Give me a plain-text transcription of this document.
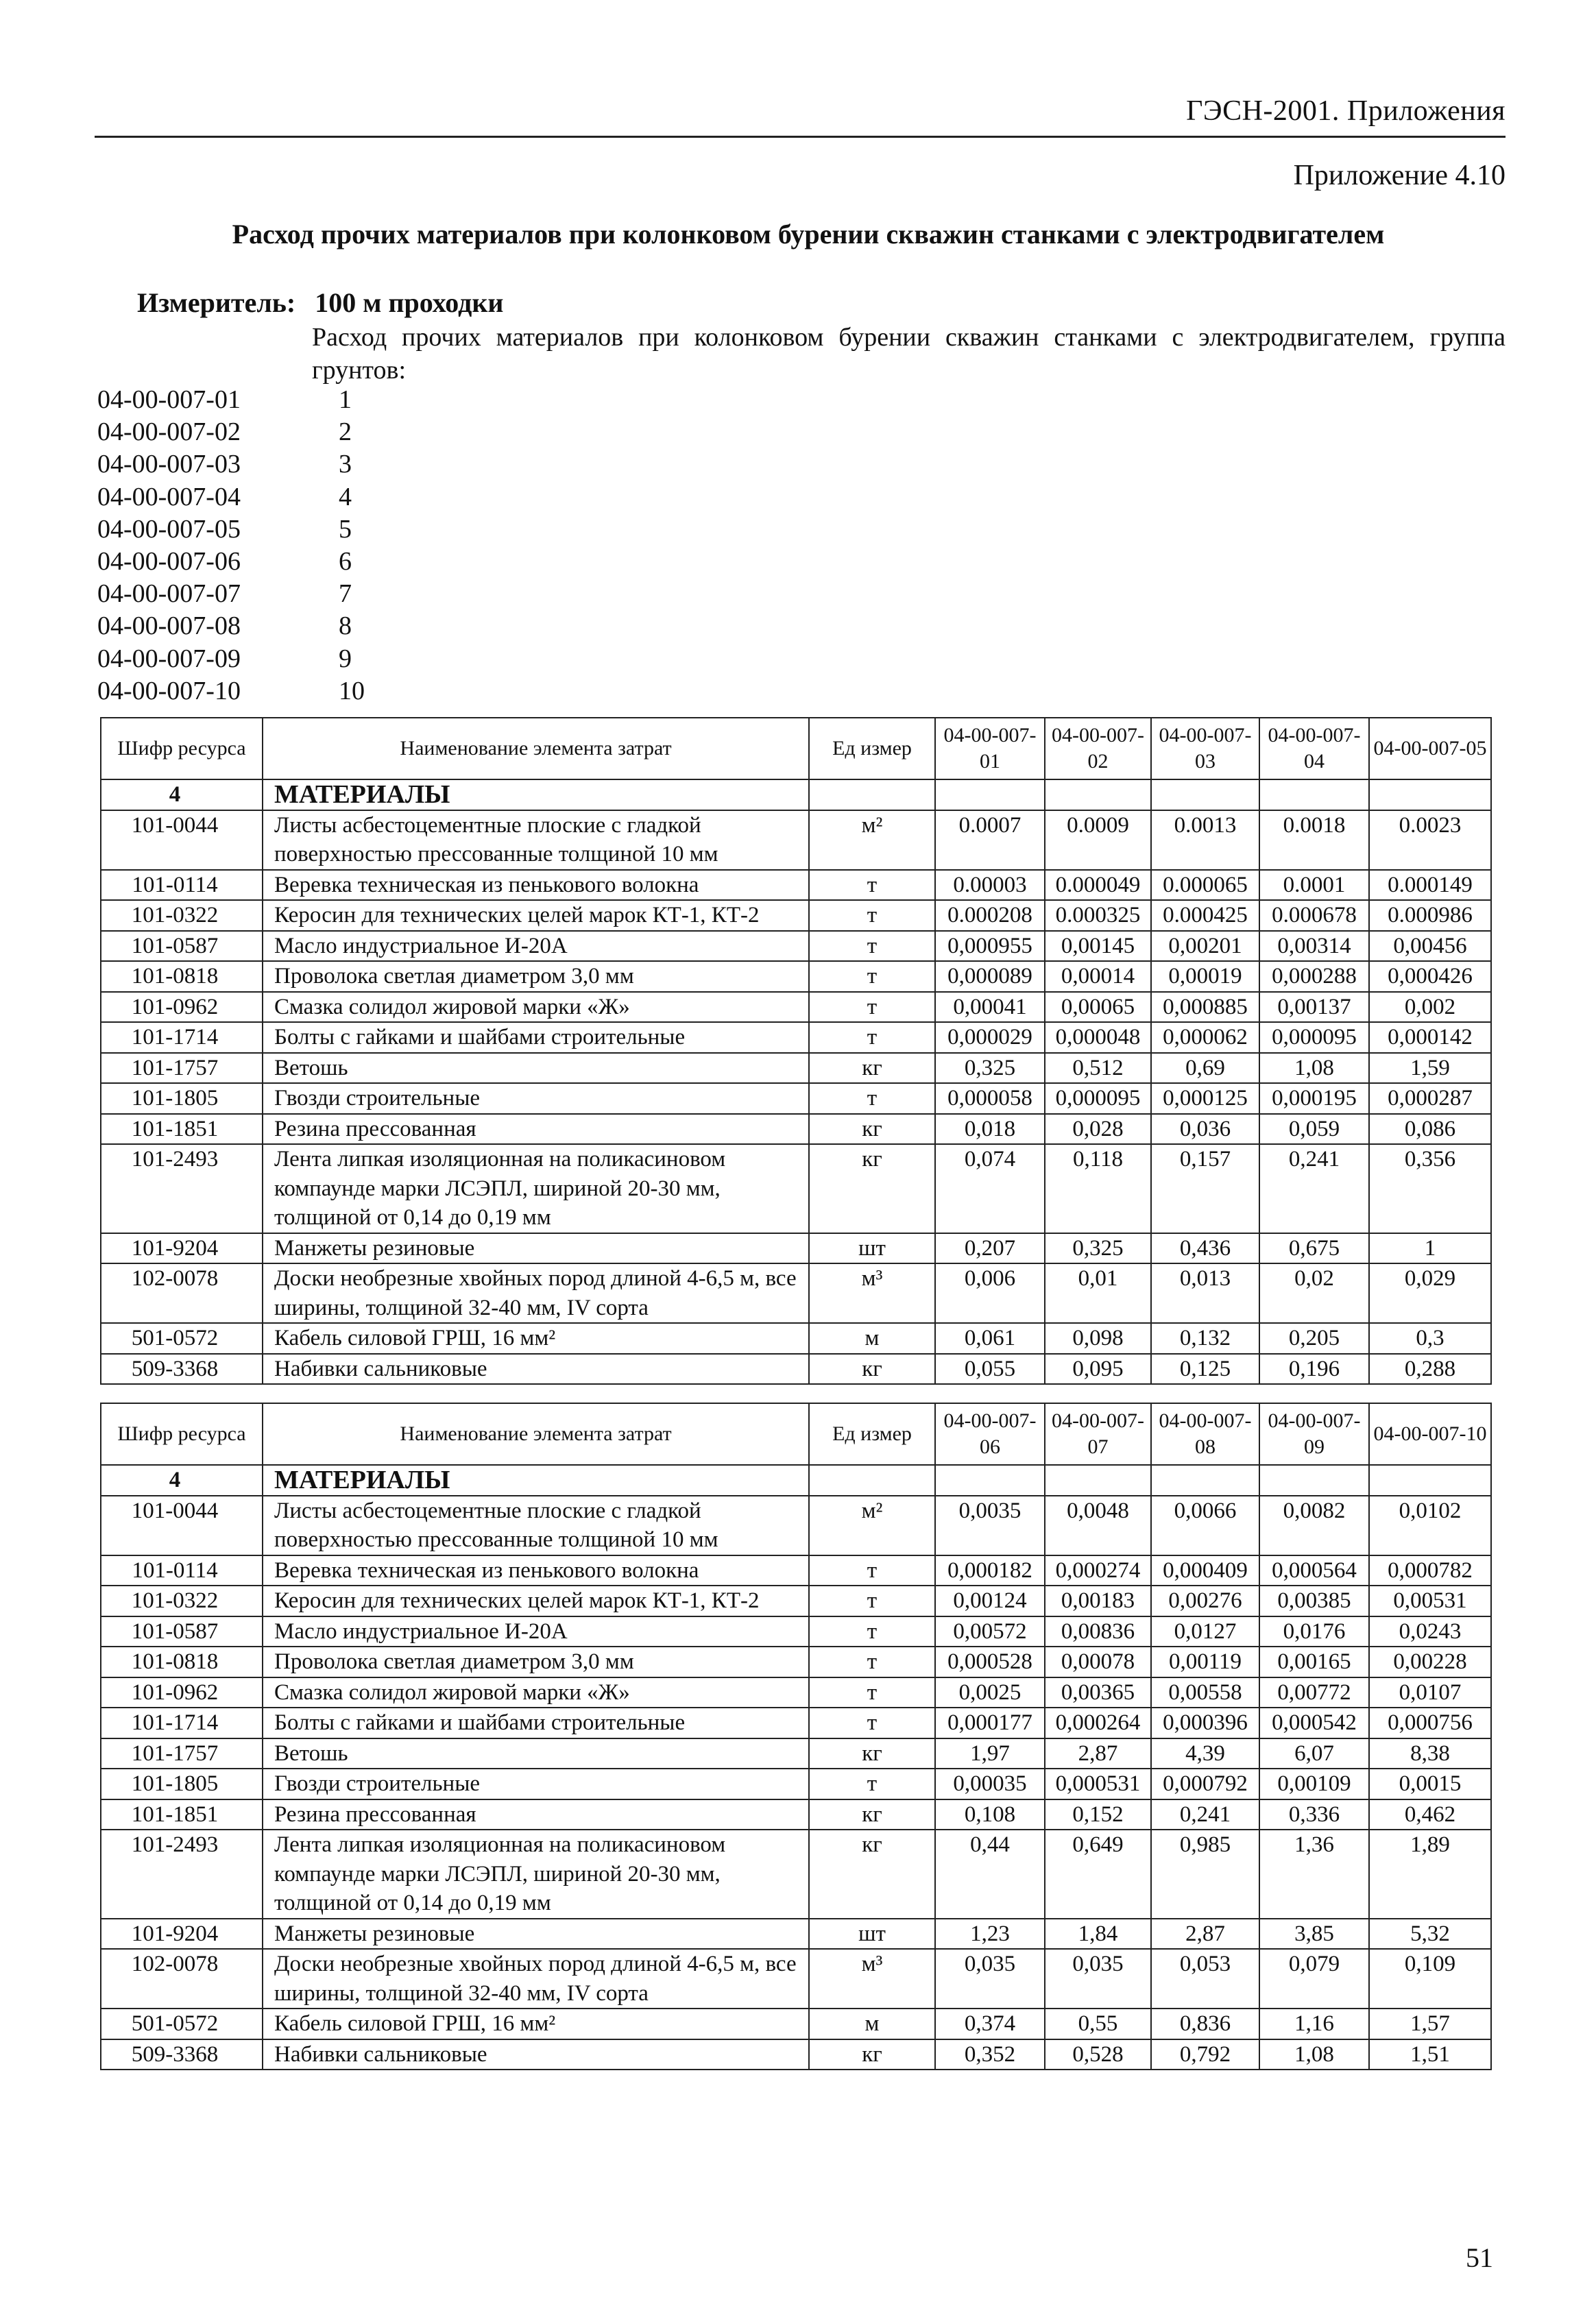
ГЭСН-2001. Приложения
Приложение 4.10
Расход прочих материалов при колонковом бурении скважин станками с электродвигателем
Измеритель: 100 м проходки
Расход прочих материалов при колонковом бурении скважин станками с электродвигателем, группа грунтов:
04-00-007-01	1
04-00-007-02	2
04-00-007-03	3
04-00-007-04	4
04-00-007-05	5
04-00-007-06	6
04-00-007-07	7
04-00-007-08	8
04-00-007-09	9
04-00-007-10	10
Шифр ресурса	Наименование элемента затрат	Ед измер	04-00-007-01	04-00-007-02	04-00-007-03	04-00-007-04	04-00-007-05
4	МАТЕРИАЛЫ						
101-0044	Листы асбестоцементные плоские с гладкой поверхностью прессованные толщиной 10 мм	м²	0.0007	0.0009	0.0013	0.0018	0.0023
101-0114	Веревка техническая из пенькового волокна	т	0.00003	0.000049	0.000065	0.0001	0.000149
101-0322	Керосин для технических целей марок КТ-1, КТ-2	т	0.000208	0.000325	0.000425	0.000678	0.000986
101-0587	Масло индустриальное И-20А	т	0,000955	0,00145	0,00201	0,00314	0,00456
101-0818	Проволока светлая диаметром 3,0 мм	т	0,000089	0,00014	0,00019	0,000288	0,000426
101-0962	Смазка солидол жировой марки «Ж»	т	0,00041	0,00065	0,000885	0,00137	0,002
101-1714	Болты с гайками и шайбами строительные	т	0,000029	0,000048	0,000062	0,000095	0,000142
101-1757	Ветошь	кг	0,325	0,512	0,69	1,08	1,59
101-1805	Гвозди строительные	т	0,000058	0,000095	0,000125	0,000195	0,000287
101-1851	Резина прессованная	кг	0,018	0,028	0,036	0,059	0,086
101-2493	Лента липкая изоляционная на поликасиновом компаунде марки ЛСЭПЛ, шириной 20-30 мм, толщиной от 0,14 до 0,19 мм	кг	0,074	0,118	0,157	0,241	0,356
101-9204	Манжеты резиновые	шт	0,207	0,325	0,436	0,675	1
102-0078	Доски необрезные хвойных пород длиной 4-6,5 м, все ширины, толщиной 32-40 мм, IV сорта	м³	0,006	0,01	0,013	0,02	0,029
501-0572	Кабель силовой ГРШ, 16 мм²	м	0,061	0,098	0,132	0,205	0,3
509-3368	Набивки сальниковые	кг	0,055	0,095	0,125	0,196	0,288
Шифр ресурса	Наименование элемента затрат	Ед измер	04-00-007-06	04-00-007-07	04-00-007-08	04-00-007-09	04-00-007-10
4	МАТЕРИАЛЫ						
101-0044	Листы асбестоцементные плоские с гладкой поверхностью прессованные толщиной 10 мм	м²	0,0035	0,0048	0,0066	0,0082	0,0102
101-0114	Веревка техническая из пенькового волокна	т	0,000182	0,000274	0,000409	0,000564	0,000782
101-0322	Керосин для технических целей марок КТ-1, КТ-2	т	0,00124	0,00183	0,00276	0,00385	0,00531
101-0587	Масло индустриальное И-20А	т	0,00572	0,00836	0,0127	0,0176	0,0243
101-0818	Проволока светлая диаметром 3,0 мм	т	0,000528	0,00078	0,00119	0,00165	0,00228
101-0962	Смазка солидол жировой марки «Ж»	т	0,0025	0,00365	0,00558	0,00772	0,0107
101-1714	Болты с гайками и шайбами строительные	т	0,000177	0,000264	0,000396	0,000542	0,000756
101-1757	Ветошь	кг	1,97	2,87	4,39	6,07	8,38
101-1805	Гвозди строительные	т	0,00035	0,000531	0,000792	0,00109	0,0015
101-1851	Резина прессованная	кг	0,108	0,152	0,241	0,336	0,462
101-2493	Лента липкая изоляционная на поликасиновом компаунде марки ЛСЭПЛ, шириной 20-30 мм, толщиной от 0,14 до 0,19 мм	кг	0,44	0,649	0,985	1,36	1,89
101-9204	Манжеты резиновые	шт	1,23	1,84	2,87	3,85	5,32
102-0078	Доски необрезные хвойных пород длиной 4-6,5 м, все ширины, толщиной 32-40 мм, IV сорта	м³	0,035	0,035	0,053	0,079	0,109
501-0572	Кабель силовой ГРШ, 16 мм²	м	0,374	0,55	0,836	1,16	1,57
509-3368	Набивки сальниковые	кг	0,352	0,528	0,792	1,08	1,51
51
